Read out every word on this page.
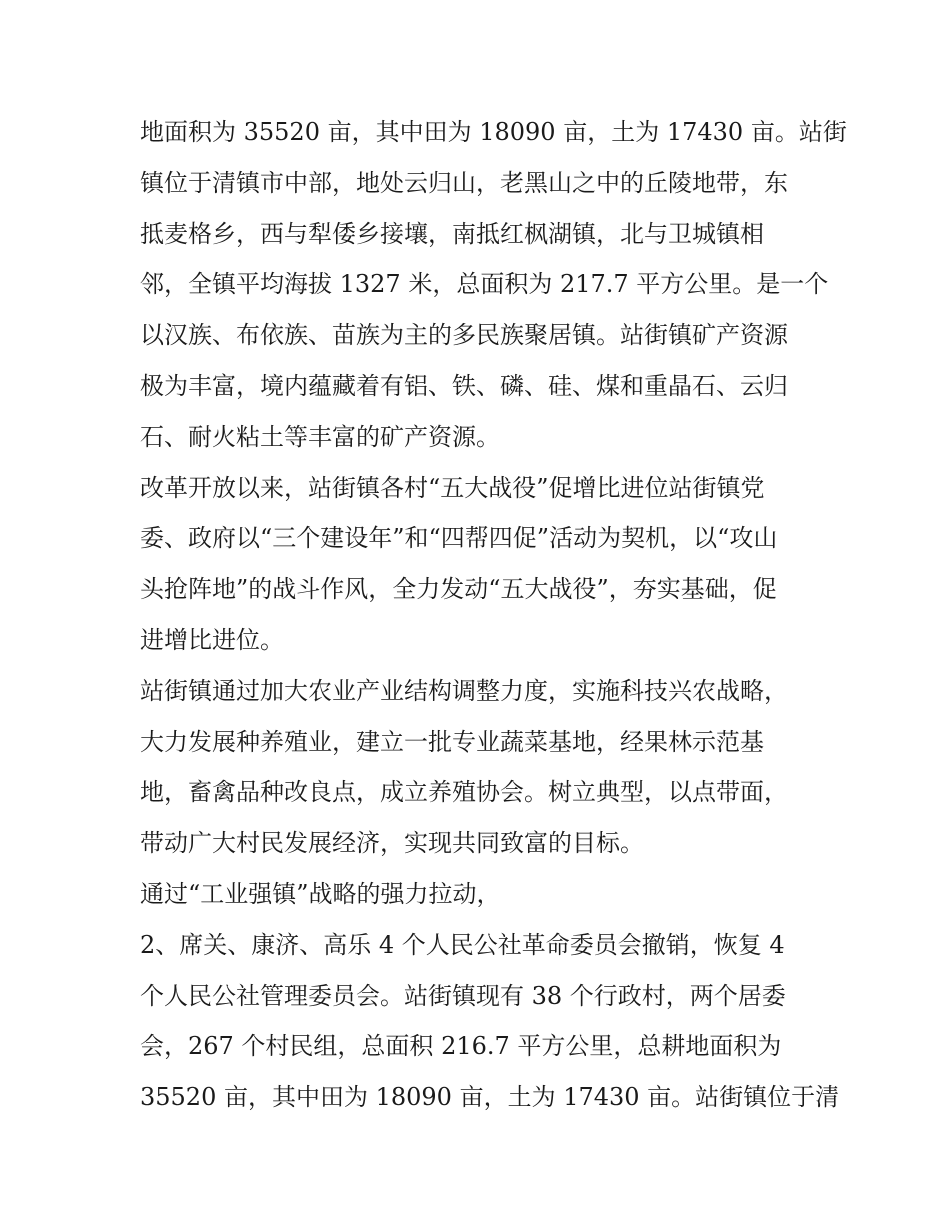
地面积为 35520 亩，其中田为 18090 亩，土为 17430 亩。站街
镇位于清镇市中部，地处云归山，老黑山之中的丘陵地带，东
抵麦格乡，西与犁倭乡接壤，南抵红枫湖镇，北与卫城镇相
邻，全镇平均海拔 1327 米，总面积为 217.7 平方公里。是一个
以汉族、布依族、苗族为主的多民族聚居镇。站街镇矿产资源
极为丰富，境内蕴藏着有铝、铁、磷、硅、煤和重晶石、云归
石、耐火粘土等丰富的矿产资源。
改革开放以来，站街镇各村“五大战役”促增比进位站街镇党
委、政府以“三个建设年”和“四帮四促”活动为契机，以“攻山
头抢阵地”的战斗作风，全力发动“五大战役”，夯实基础，促
进增比进位。
站街镇通过加大农业产业结构调整力度，实施科技兴农战略，
大力发展种养殖业，建立一批专业蔬菜基地，经果林示范基
地，畜禽品种改良点，成立养殖协会。树立典型，以点带面，
带动广大村民发展经济，实现共同致富的目标。
通过“工业强镇”战略的强力拉动，
2、席关、康济、高乐 4 个人民公社革命委员会撤销，恢复 4
个人民公社管理委员会。站街镇现有 38 个行政村，两个居委
会，267 个村民组，总面积 216.7 平方公里，总耕地面积为
35520 亩，其中田为 18090 亩，土为 17430 亩。站街镇位于清
